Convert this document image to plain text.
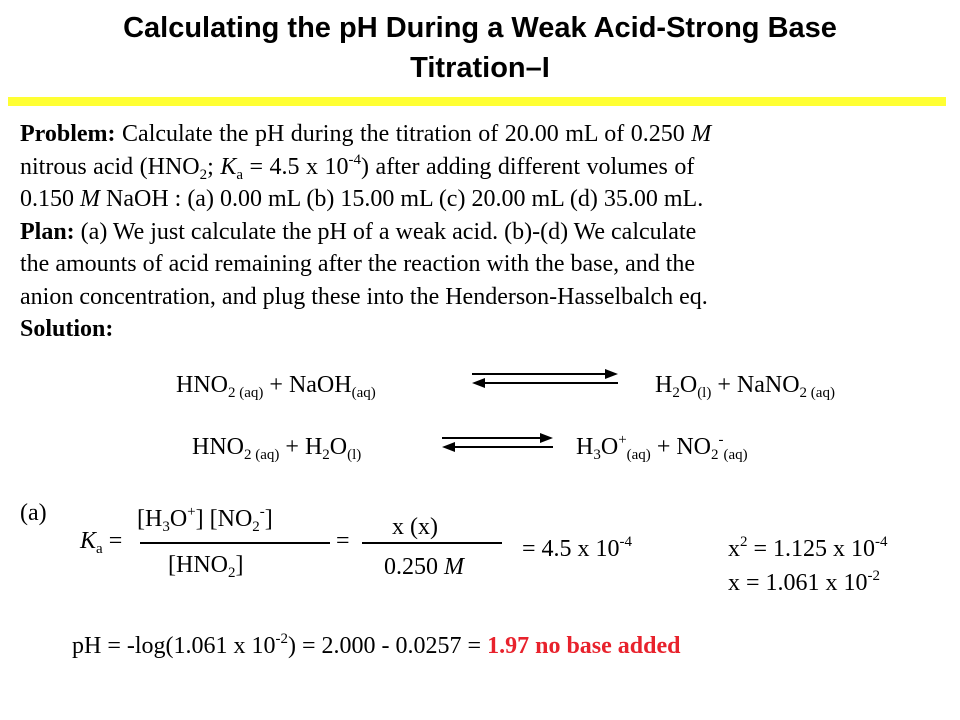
Calculating the pH During a Weak Acid-Strong Base
Titration–I
Problem: Calculate the pH during the titration of 20.00 mL of 0.250 M
nitrous acid ($HNO_2$; $K_a = 4.5$ x $10^{-4}$) after adding different volumes of
0.150 M NaOH : (a) 0.00 mL (b) 15.00 mL (c) 20.00 mL (d) 35.00 mL.
Plan: (a) We just calculate the pH of a weak acid. (b)-(d) We calculate
the amounts of acid remaining after the reaction with the base, and the
anion concentration, and plug these into the Henderson-Hasselbalch eq.
Solution:
$HNO_2$ $_{(aq)}$ + NaOH$_{(aq)}$	$H_2O_{(l)}$ + NaNO$_2$ $_{(aq)}$
$HNO_2$ $_{(aq)} + H_2O_{(l)}$	$H_3O^+_{(aq)} + NO_2^-_{(aq)}$
(a)
$K_a$ =
$[H_3O^+]$ $[NO_2^-]$
$[HNO_2]$
=
x (x)
0.250 M
= 4.5 x $10^{-4}$	$x^2 = 1.125$ x $10^{-4}$
x = 1.061 x $10^{-2}$
pH = -log(1.061 x $10^{-2}) = 2.000 - 0.0257 = 1.97$ no base added
